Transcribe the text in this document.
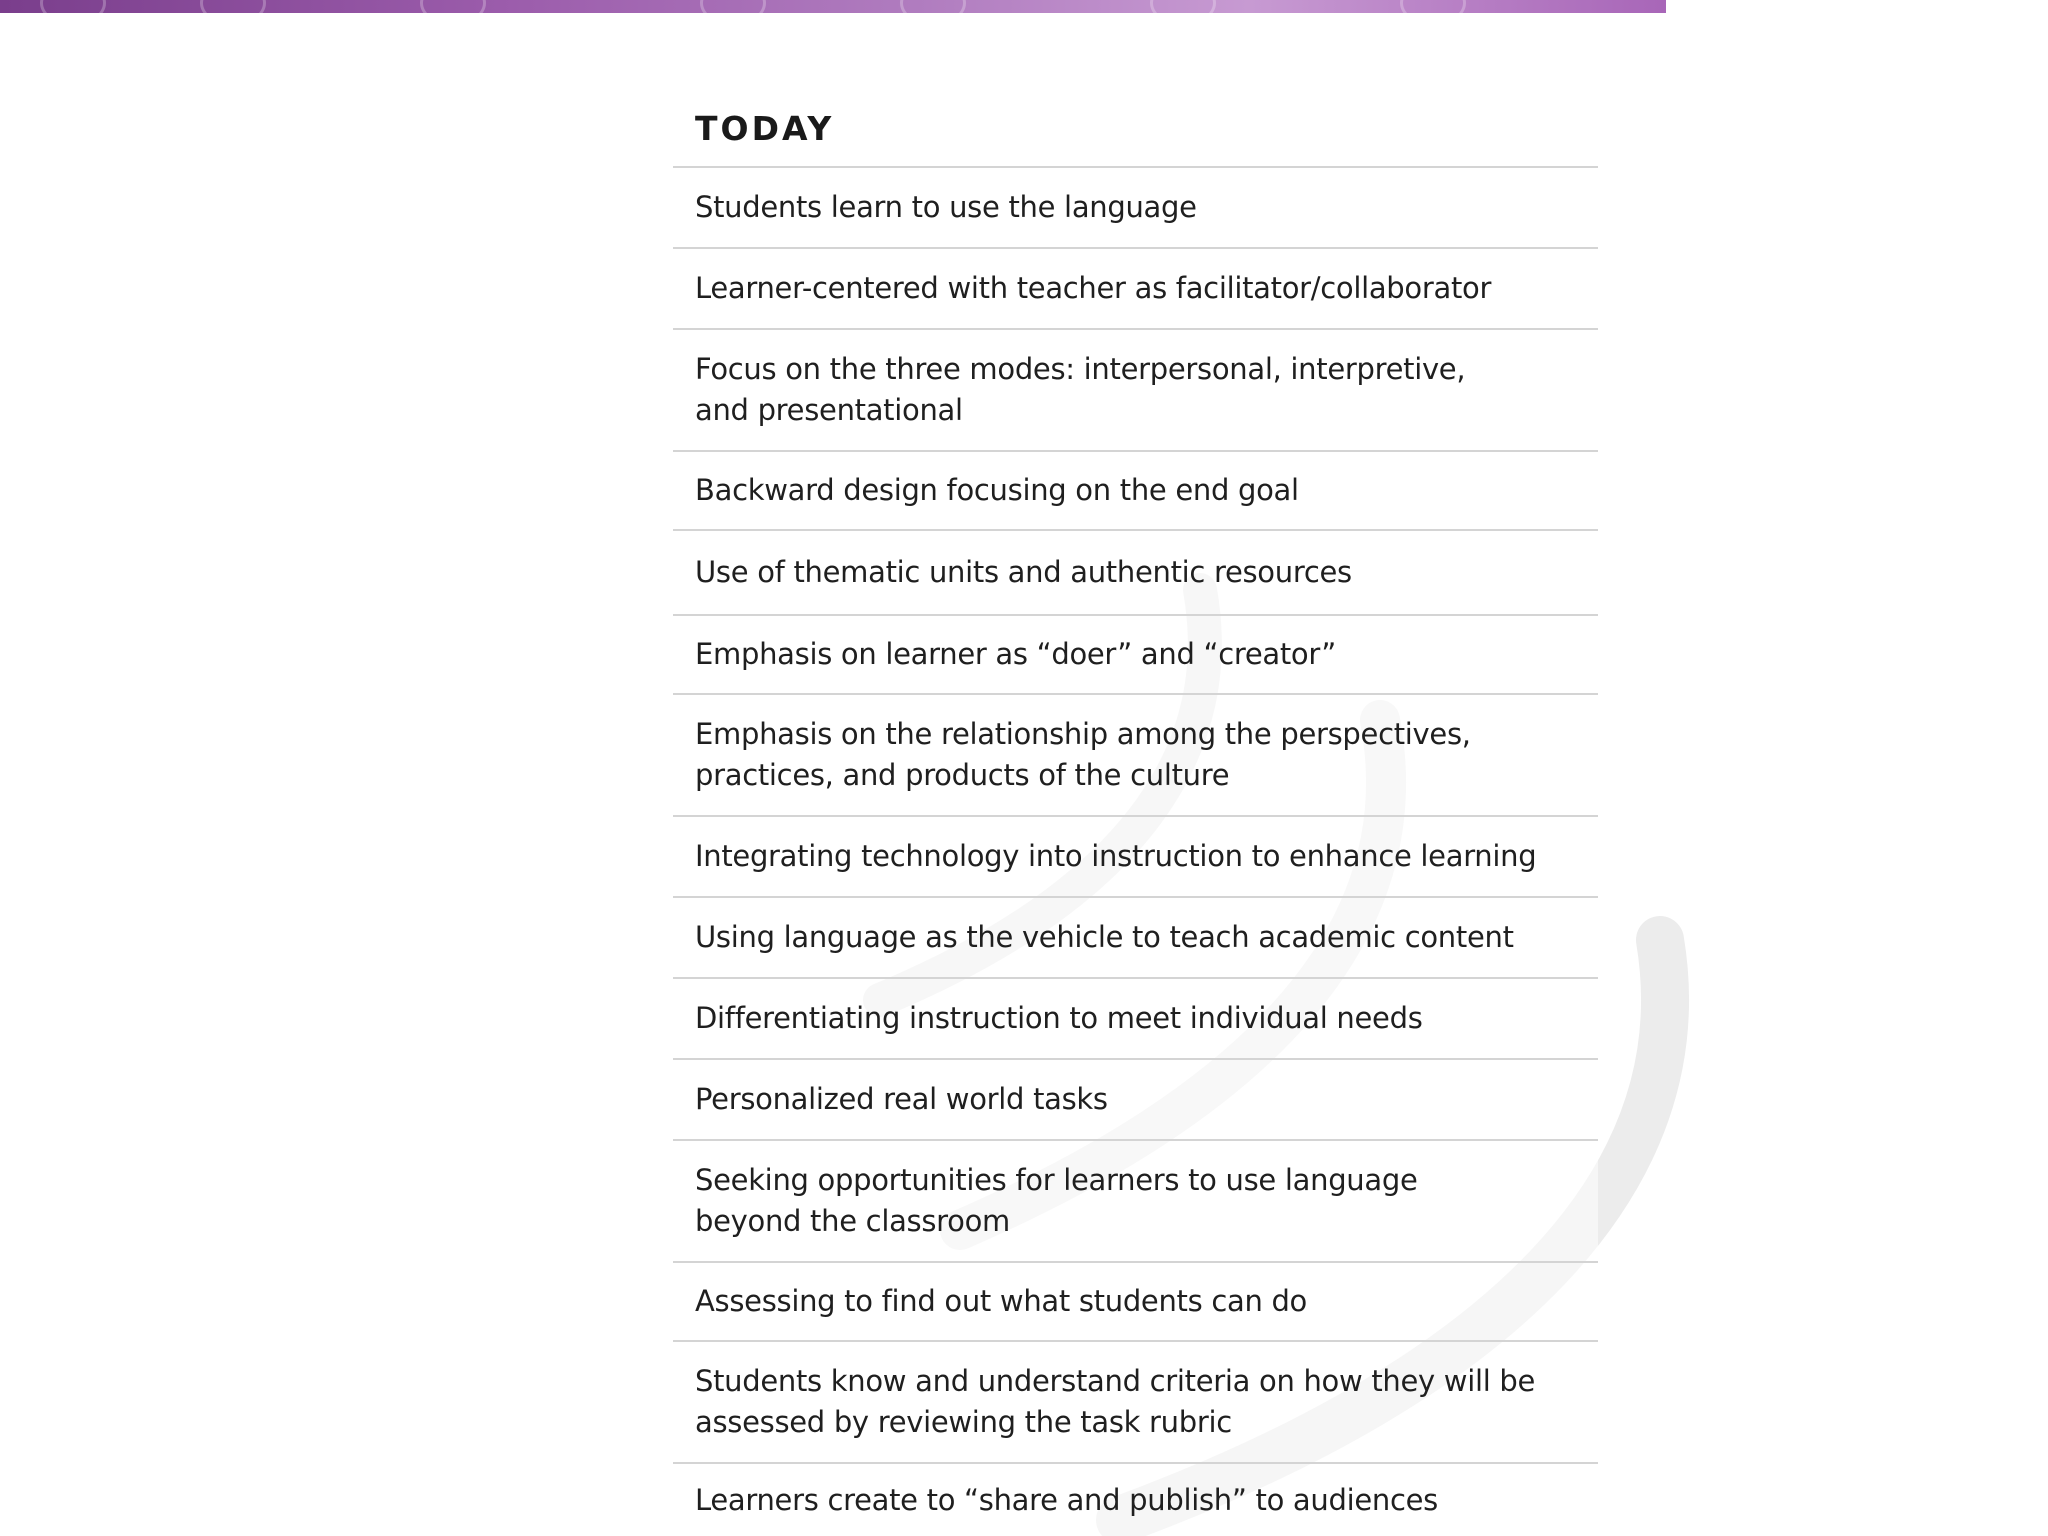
TODAY
Students learn to use the language
Learner-centered with teacher as facilitator/collaborator
Focus on the three modes: interpersonal, interpretive, and presentational
Backward design focusing on the end goal
Use of thematic units and authentic resources
Emphasis on learner as “doer” and “creator”
Emphasis on the relationship among the perspectives, practices, and products of the culture
Integrating technology into instruction to enhance learning
Using language as the vehicle to teach academic content
Differentiating instruction to meet individual needs
Personalized real world tasks
Seeking opportunities for learners to use language beyond the classroom
Assessing to find out what students can do
Students know and understand criteria on how they will be assessed by reviewing the task rubric
Learners create to “share and publish” to audiences
